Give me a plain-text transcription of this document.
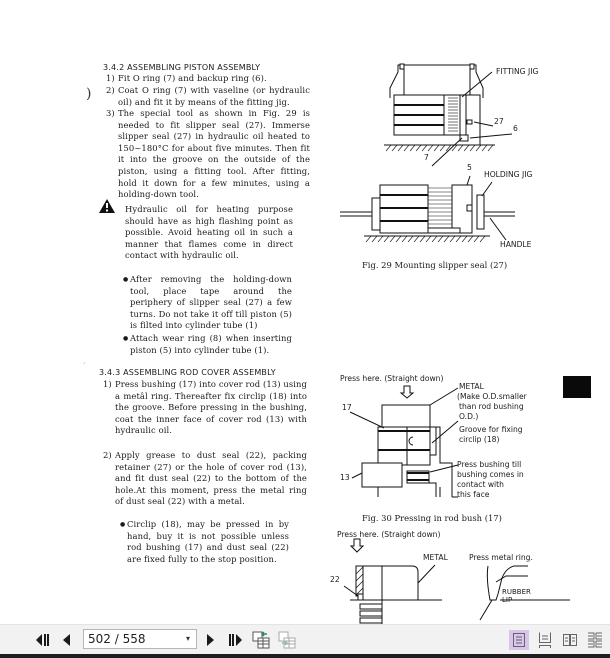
)
3.4.2 ASSEMBLING PISTON ASSEMBLY
1) Fit O ring (7) and backup ring (6).
2) Coat O ring (7) with vaseline (or hydraulic oil) and fit it by means of the fitting jig.
3) The special tool as shown in Fig. 29 is needed to fit slipper seal (27). Immerse slipper seal (27) in hydraulic oil heated to 150~180°C for about five minutes. Then fit it into the groove on the outside of the piston, using a fitting tool. After fitting, hold it down for a few minutes, using a holding-down tool.
Hydraulic oil for heating purpose should have as high flashing point as possible. Avoid heating oil in such a manner that flames come in direct contact with hydraulic oil.
● After removing the holding-down tool, place tape around the periphery of slipper seal (27) a few turns. Do not take it off till piston (5) is filted into cylinder tube (1)
● Attach wear ring (8) when inserting piston (5) into cylinder tube (1).
ˊ
3.4.3 ASSEMBLING ROD COVER ASSEMBLY
1) Press bushing (17) into cover rod (13) using a metâl ring. Thereafter fix circlip (18) into the groove. Before pressing in the bushing, coat the inner face of cover rod (13) with hydraulic oil.
2) Apply grease to dust seal (22), packing retainer (27) or the hole of cover rod (13), and fit dust seal (22) to the bottom of the hole.At this moment, press the metal ring of dust seal (22) with a metal.
● Circlip (18), may be pressed in by hand, buy it is not possible unless rod bushing (17) and dust seal (22) are fixed fully to the stop position.
FITTING JIG
27
6
7
5
HOLDING JIG
HANDLE
Fig. 29 Mounting slipper seal (27)
Press here. (Straight down)
METAL
(Make O.D.smaller
than rod bushing
O.D.)
Groove for fixing
circlip (18)
17
13
Press bushing till
bushing comes in
contact with
this face
Fig. 30 Pressing in rod bush (17)
Press here. (Straight down)
METAL	Press metal ring.
22
RUBBER
LIP
502 / 558	▾
